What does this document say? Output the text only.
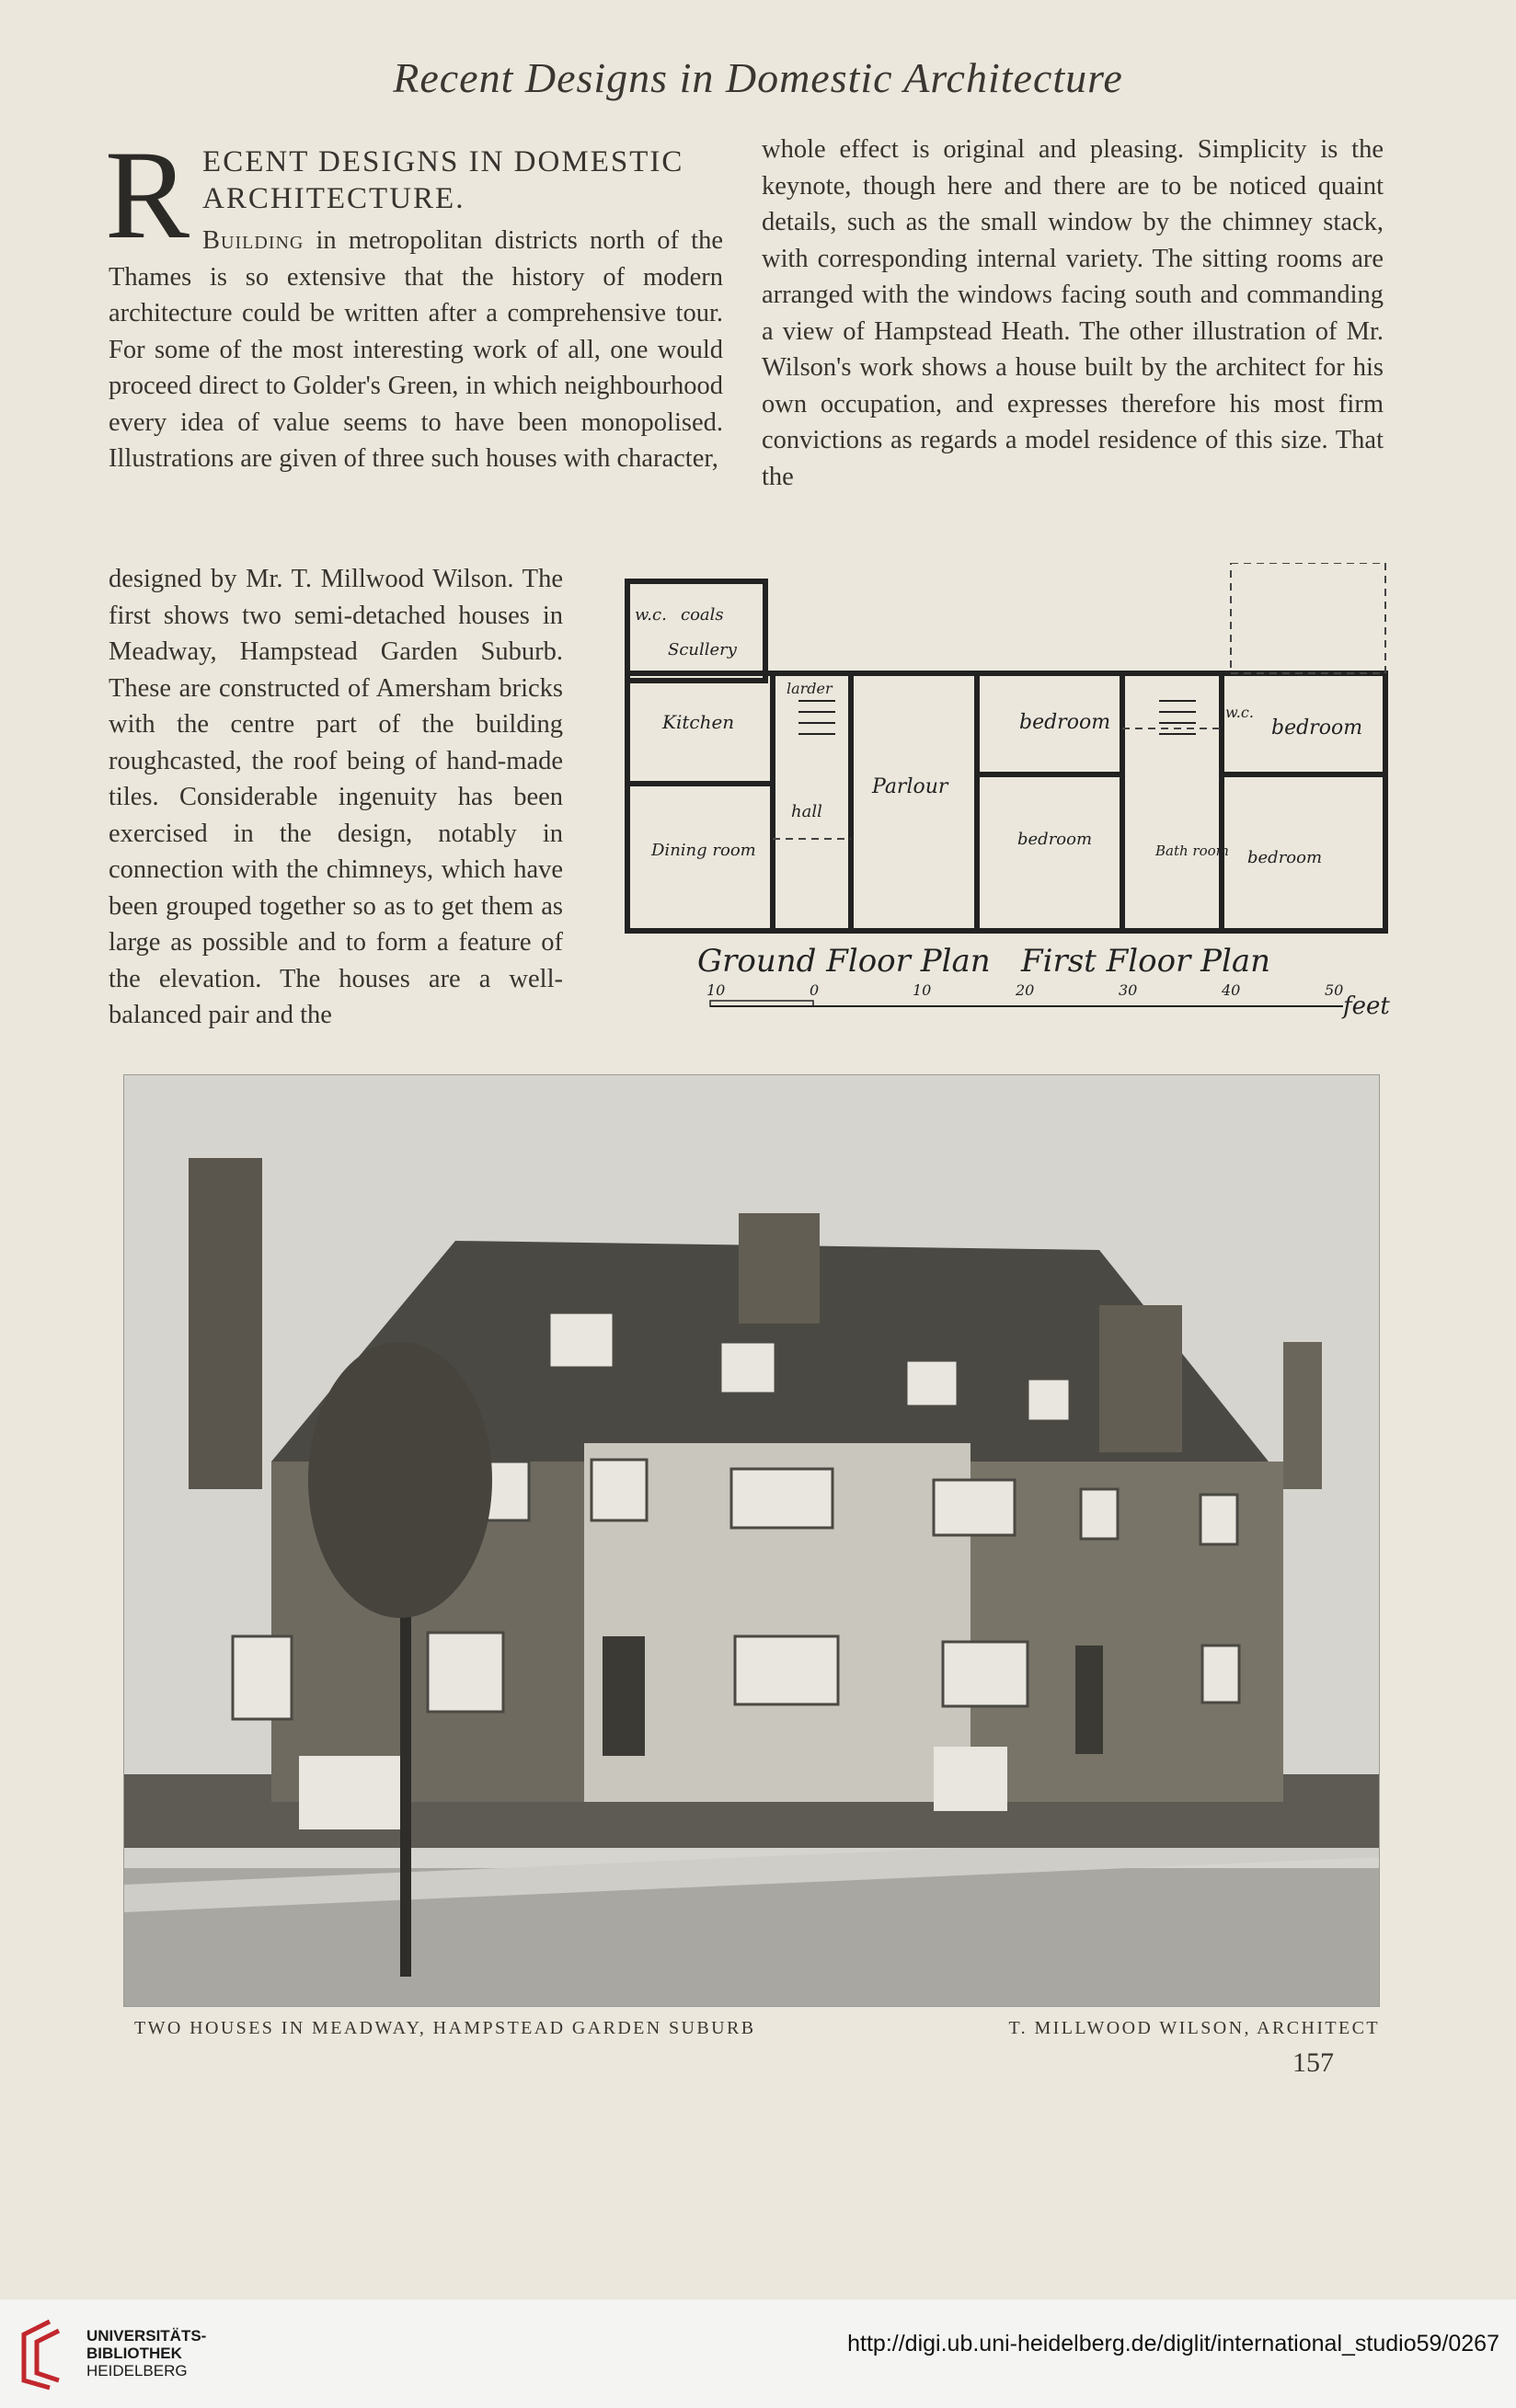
Recent Designs in Domestic Architecture
R ECENT DESIGNS IN DOMESTIC
ARCHITECTURE.

Building in metropolitan districts north of the Thames is so extensive that the history of modern architecture could be written after a comprehensive tour. For some of the most interesting work of all, one would proceed direct to Golder's Green, in which neighbourhood every idea of value seems to have been monopolised. Illustrations are given of three such houses with character,

designed by Mr. T. Millwood Wilson. The first shows two semi-detached houses in Meadway, Hampstead Garden Suburb. These are constructed of Amersham bricks with the centre part of the building roughcasted, the roof being of hand-made tiles. Considerable ingenuity has been exercised in the design, notably in connection with the chimneys, which have been grouped together so as to get them as large as possible and to form a feature of the elevation. The houses are a well-balanced pair and the

whole effect is original and pleasing. Simplicity is the keynote, though here and there are to be noticed quaint details, such as the small window by the chimney stack, with corresponding internal variety. The sitting rooms are arranged with the windows facing south and commanding a view of Hampstead Heath. The other illustration of Mr. Wilson's work shows a house built by the architect for his own occupation, and expresses therefore his most firm convictions as regards a model residence of this size. That the

w.c. coals
Scullery
larder
Kitchen
hall
Parlour
Dining room
bedroom	bedroom
bedroom
bedroom
w.c.
Bath room
Ground Floor Plan First Floor Plan
10	0	10	20	30	40	50
feet
TWO HOUSES IN MEADWAY, HAMPSTEAD GARDEN SUBURB	T. MILLWOOD WILSON, ARCHITECT
157
UNIVERSITÄTS-
BIBLIOTHEK
HEIDELBERG
http://digi.ub.uni-heidelberg.de/diglit/international_studio59/0267
